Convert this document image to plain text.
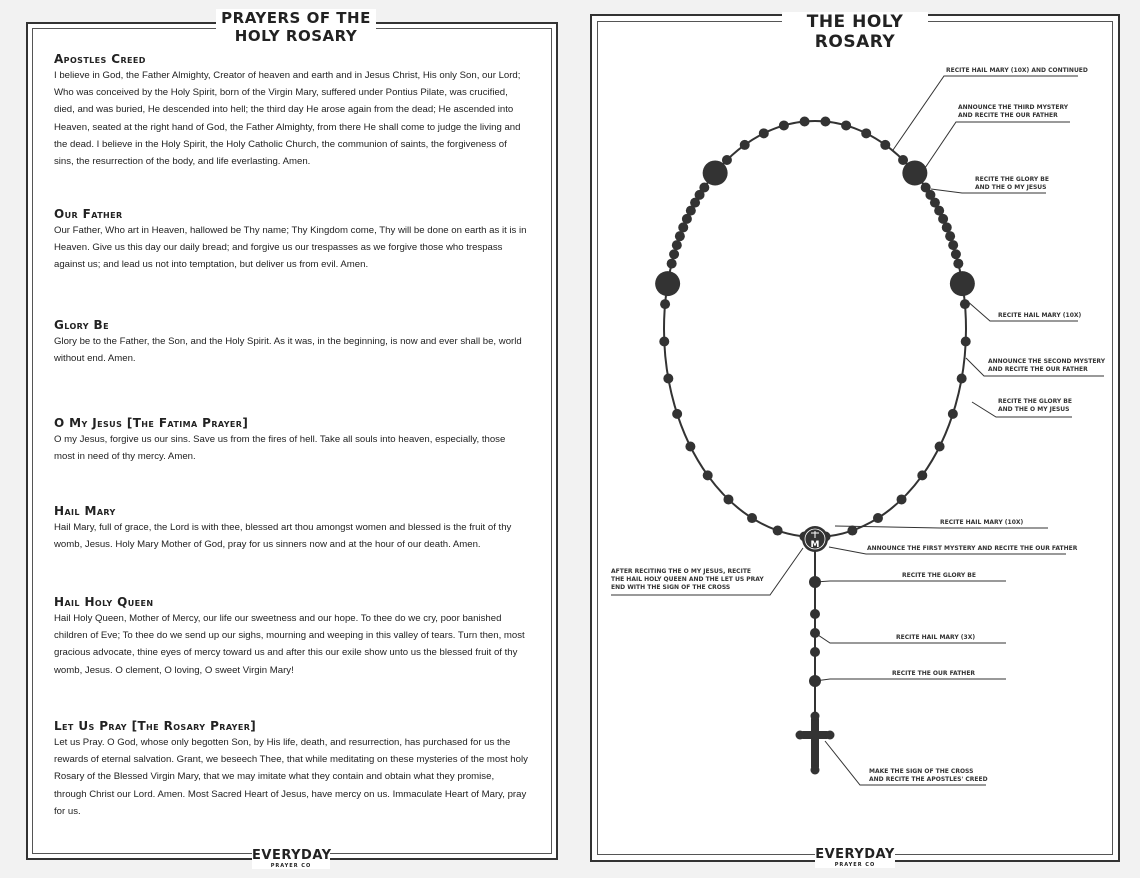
PRAYERS OF THE HOLY ROSARY
Apostles Creed

I believe in God, the Father Almighty, Creator of heaven and earth and in Jesus Christ, His only Son, our Lord; Who was conceived by the Holy Spirit, born of the Virgin Mary, suffered under Pontius Pilate, was crucified, died, and was buried, He descended into hell; the third day He arose again from the dead; He ascended into Heaven, seated at the right hand of God, the Father Almighty, from there He shall come to judge the living and the dead. I believe in the Holy Spirit, the Holy Catholic Church, the communion of saints, the forgiveness of sins, the resurrection of the body, and life everlasting. Amen.

Our Father

Our Father, Who art in Heaven, hallowed be Thy name; Thy Kingdom come, Thy will be done on earth as it is in Heaven. Give us this day our daily bread; and forgive us our trespasses as we forgive those who trespass against us; and lead us not into temptation, but deliver us from evil. Amen.

Glory Be

Glory be to the Father, the Son, and the Holy Spirit. As it was, in the beginning, is now and ever shall be, world without end. Amen.

O My Jesus [The Fatima Prayer]

O my Jesus, forgive us our sins. Save us from the fires of hell. Take all souls into heaven, especially, those most in need of thy mercy. Amen.

Hail Mary

Hail Mary, full of grace, the Lord is with thee, blessed art thou amongst women and blessed is the fruit of thy womb, Jesus. Holy Mary Mother of God, pray for us sinners now and at the hour of our death. Amen.

Hail Holy Queen

Hail Holy Queen, Mother of Mercy, our life our sweetness and our hope. To thee do we cry, poor banished children of Eve; To thee do we send up our sighs, mourning and weeping in this valley of tears. Turn then, most gracious advocate, thine eyes of mercy toward us and after this our exile show unto us the blessed fruit of thy womb, Jesus. O clement, O loving, O sweet Virgin Mary!

Let Us Pray [The Rosary Prayer]

Let us Pray. O God, whose only begotten Son, by His life, death, and resurrection, has purchased for us the rewards of eternal salvation. Grant, we beseech Thee, that while meditating on these mysteries of the most holy Rosary of the Blessed Virgin Mary, that we may imitate what they contain and obtain what they promise, through Christ our Lord. Amen. Most Sacred Heart of Jesus, have mercy on us. Immaculate Heart of Mary, pray for us.

EVERYDAY
PRAYER CO
THE HOLY ROSARY
M
RECITE HAIL MARY (10X) AND CONTINUED
ANNOUNCE THE THIRD MYSTERY
AND RECITE THE OUR FATHER
RECITE THE GLORY BE
AND THE O MY JESUS
RECITE HAIL MARY (10X)
ANNOUNCE THE SECOND MYSTERY
AND RECITE THE OUR FATHER
RECITE THE GLORY BE
AND THE O MY JESUS
RECITE HAIL MARY (10X)
ANNOUNCE THE FIRST MYSTERY AND RECITE THE OUR FATHER
AFTER RECITING THE O MY JESUS, RECITE
THE HAIL HOLY QUEEN AND THE LET US PRAY
END WITH THE SIGN OF THE CROSS
RECITE THE GLORY BE
RECITE HAIL MARY (3X)
RECITE THE OUR FATHER
MAKE THE SIGN OF THE CROSS
AND RECITE THE APOSTLES' CREED
EVERYDAY
PRAYER CO
